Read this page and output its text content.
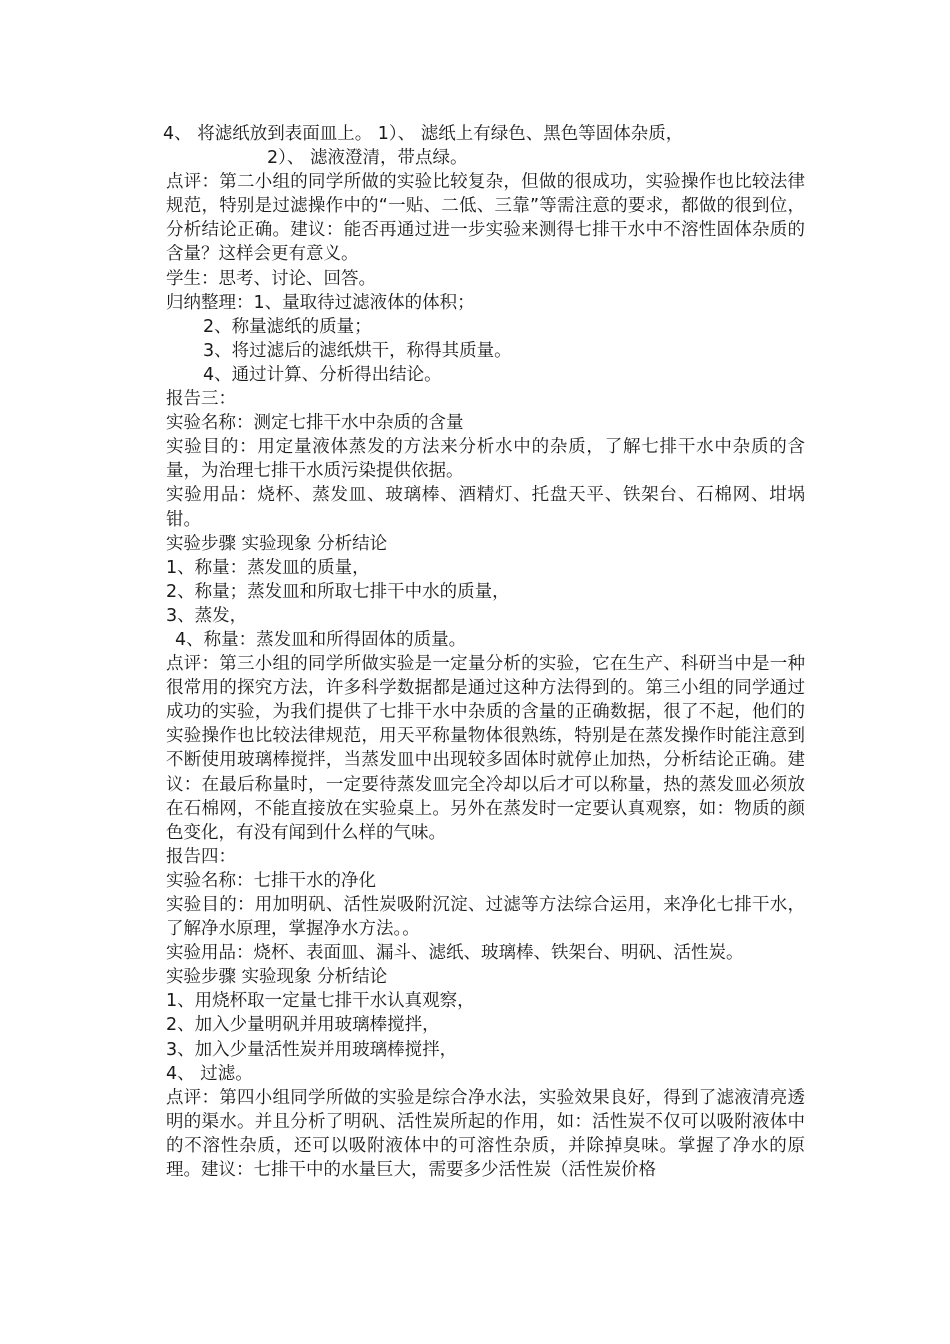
4、 将滤纸放到表面皿上。 1）、 滤纸上有绿色、黑色等固体杂质，
2）、 滤液澄清，带点绿。
点评：第二小组的同学所做的实验比较复杂，但做的很成功，实验操作也比较法律规范，特别是过滤操作中的“一贴、二低、三靠”等需注意的要求，都做的很到位，分析结论正确。建议：能否再通过进一步实验来测得七排干水中不溶性固体杂质的含量？这样会更有意义。
学生：思考、讨论、回答。
归纳整理：1、量取待过滤液体的体积；
2、称量滤纸的质量；
3、将过滤后的滤纸烘干，称得其质量。
4、通过计算、分析得出结论。
报告三：
实验名称：测定七排干水中杂质的含量
实验目的：用定量液体蒸发的方法来分析水中的杂质，了解七排干水中杂质的含量，为治理七排干水质污染提供依据。
实验用品：烧杯、蒸发皿、玻璃棒、酒精灯、托盘天平、铁架台、石棉网、坩埚钳。
实验步骤 实验现象 分析结论
1、称量：蒸发皿的质量，
2、称量；蒸发皿和所取七排干中水的质量，
3、蒸发，
4、称量：蒸发皿和所得固体的质量。
点评：第三小组的同学所做实验是一定量分析的实验，它在生产、科研当中是一种很常用的探究方法，许多科学数据都是通过这种方法得到的。第三小组的同学通过成功的实验，为我们提供了七排干水中杂质的含量的正确数据，很了不起，他们的实验操作也比较法律规范，用天平称量物体很熟练，特别是在蒸发操作时能注意到不断使用玻璃棒搅拌，当蒸发皿中出现较多固体时就停止加热，分析结论正确。建议：在最后称量时，一定要待蒸发皿完全冷却以后才可以称量，热的蒸发皿必须放在石棉网，不能直接放在实验桌上。另外在蒸发时一定要认真观察，如：物质的颜色变化，有没有闻到什么样的气味。
报告四：
实验名称：七排干水的净化
实验目的：用加明矾、活性炭吸附沉淀、过滤等方法综合运用，来净化七排干水，了解净水原理，掌握净水方法。。
实验用品：烧杯、表面皿、漏斗、滤纸、玻璃棒、铁架台、明矾、活性炭。
实验步骤 实验现象 分析结论
1、用烧杯取一定量七排干水认真观察，
2、加入少量明矾并用玻璃棒搅拌，
3、加入少量活性炭并用玻璃棒搅拌，
4、 过滤。
点评：第四小组同学所做的实验是综合净水法，实验效果良好，得到了滤液清亮透明的渠水。并且分析了明矾、活性炭所起的作用，如：活性炭不仅可以吸附液体中的不溶性杂质，还可以吸附液体中的可溶性杂质，并除掉臭味。掌握了净水的原理。建议：七排干中的水量巨大，需要多少活性炭（活性炭价格
